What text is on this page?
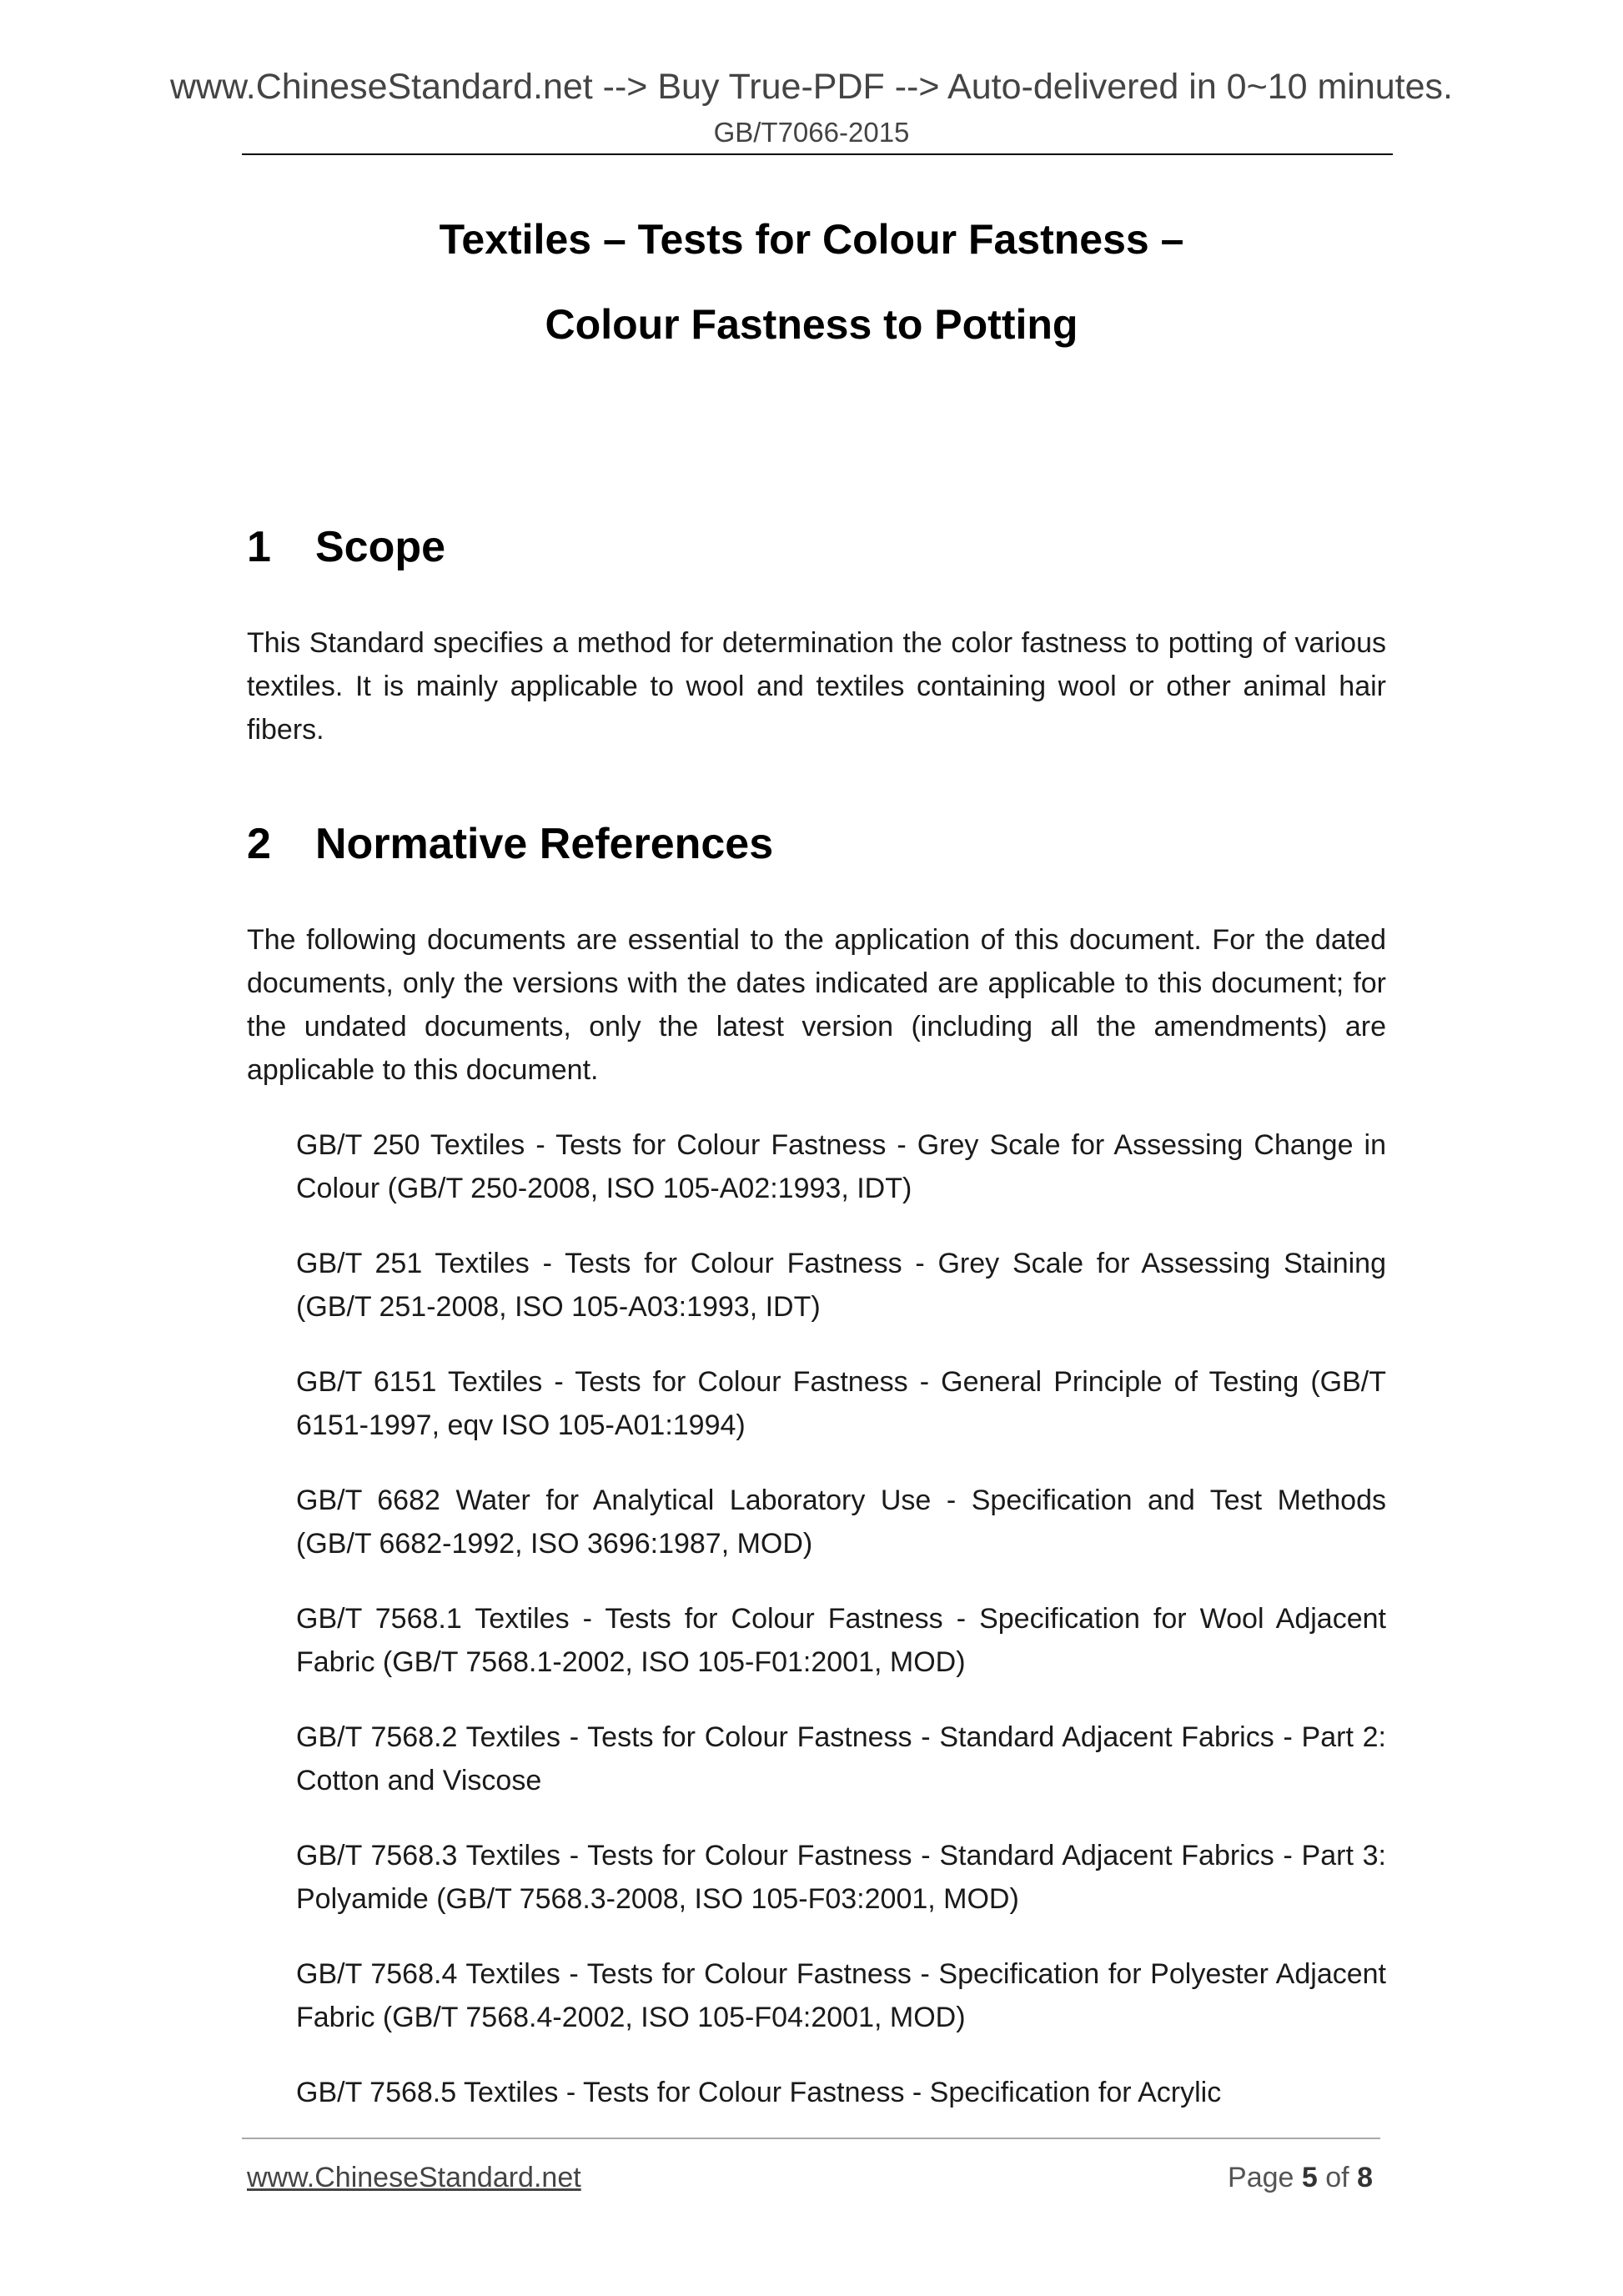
www.ChineseStandard.net --> Buy True-PDF --> Auto-delivered in 0~10 minutes.
GB/T7066-2015
Textiles – Tests for Colour Fastness –
Colour Fastness to Potting
1 Scope
This Standard specifies a method for determination the color fastness to potting of various textiles. It is mainly applicable to wool and textiles containing wool or other animal hair fibers.
2 Normative References
The following documents are essential to the application of this document. For the dated documents, only the versions with the dates indicated are applicable to this document; for the undated documents, only the latest version (including all the amendments) are applicable to this document.
GB/T 250 Textiles - Tests for Colour Fastness - Grey Scale for Assessing Change in Colour (GB/T 250-2008, ISO 105-A02:1993, IDT)
GB/T 251 Textiles - Tests for Colour Fastness - Grey Scale for Assessing Staining (GB/T 251-2008, ISO 105-A03:1993, IDT)
GB/T 6151 Textiles - Tests for Colour Fastness - General Principle of Testing (GB/T 6151-1997, eqv ISO 105-A01:1994)
GB/T 6682 Water for Analytical Laboratory Use - Specification and Test Methods (GB/T 6682-1992, ISO 3696:1987, MOD)
GB/T 7568.1 Textiles - Tests for Colour Fastness - Specification for Wool Adjacent Fabric (GB/T 7568.1-2002, ISO 105-F01:2001, MOD)
GB/T 7568.2 Textiles - Tests for Colour Fastness - Standard Adjacent Fabrics - Part 2: Cotton and Viscose
GB/T 7568.3 Textiles - Tests for Colour Fastness - Standard Adjacent Fabrics - Part 3: Polyamide (GB/T 7568.3-2008, ISO 105-F03:2001, MOD)
GB/T 7568.4 Textiles - Tests for Colour Fastness - Specification for Polyester Adjacent Fabric (GB/T 7568.4-2002, ISO 105-F04:2001, MOD)
GB/T 7568.5 Textiles - Tests for Colour Fastness - Specification for Acrylic
www.ChineseStandard.net	Page 5 of 8
